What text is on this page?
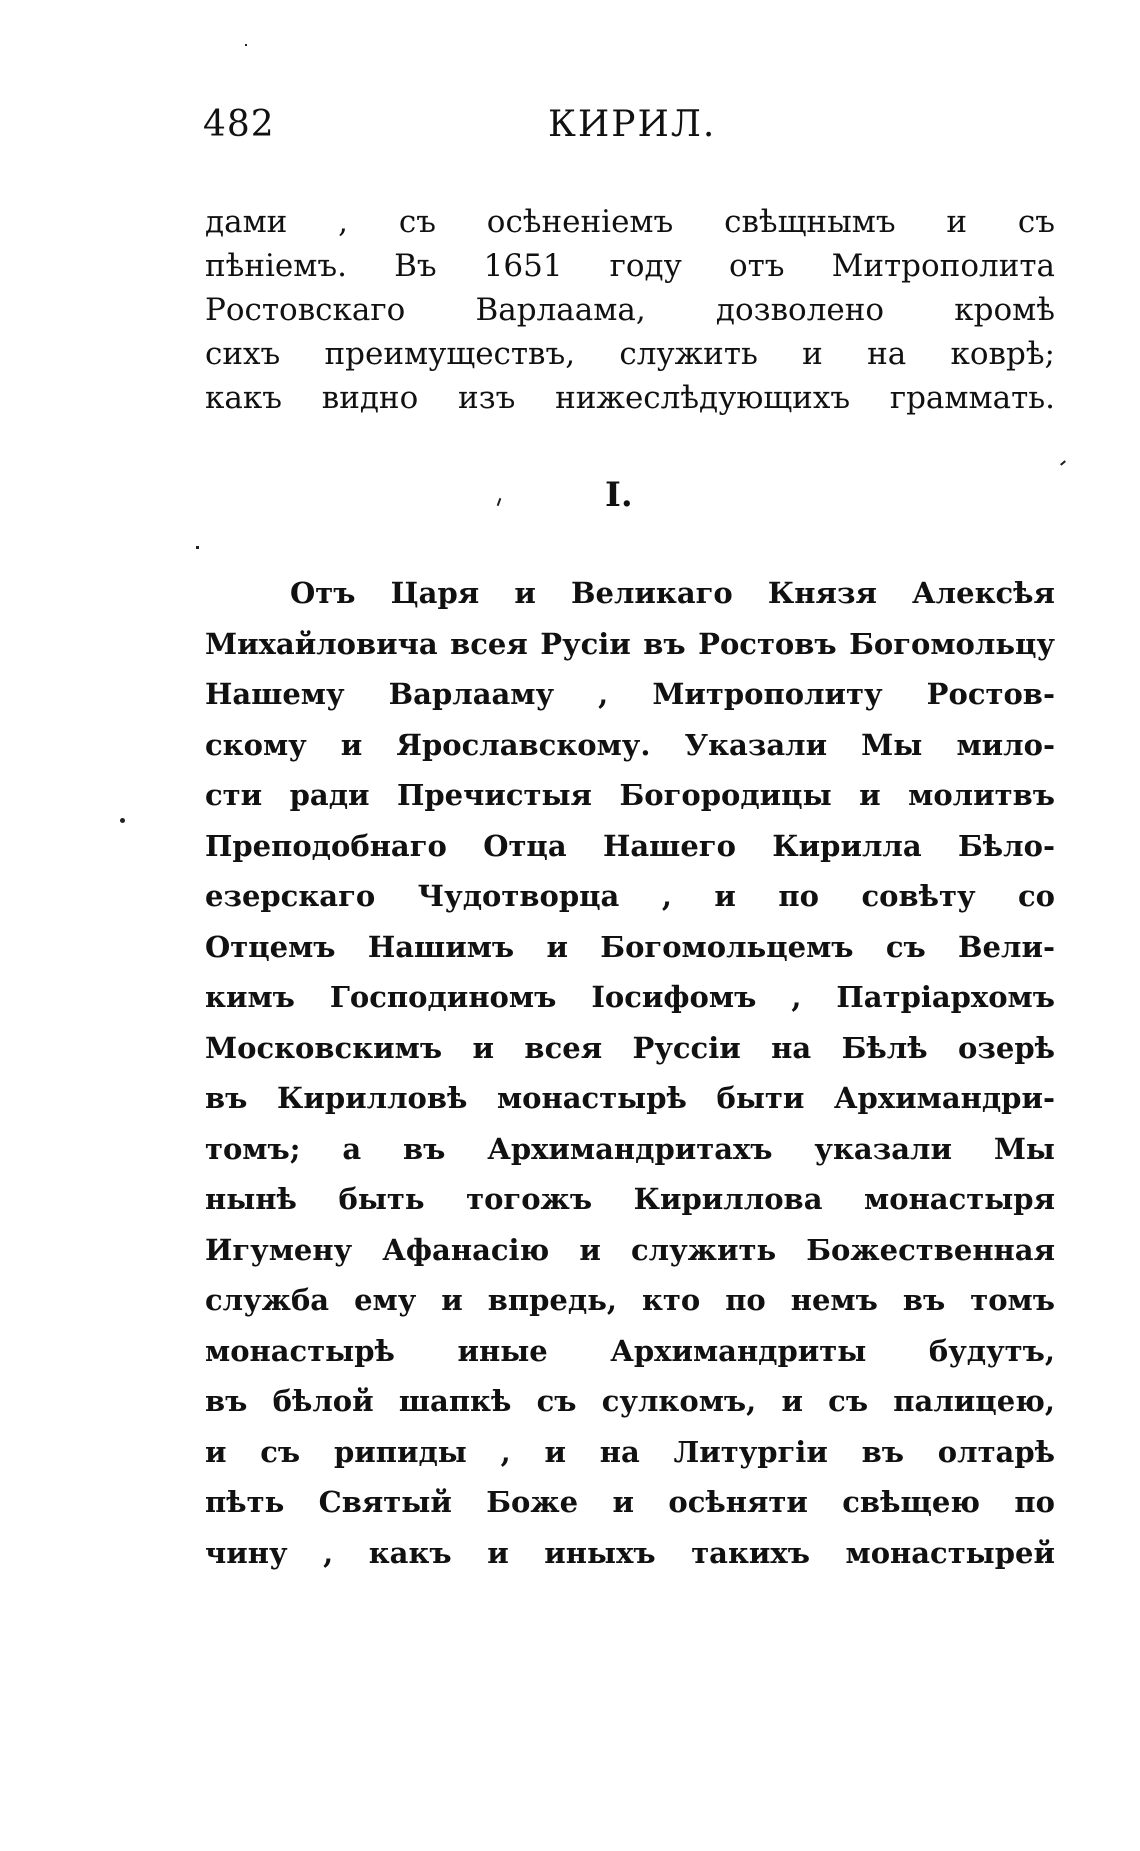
482	КИРИЛ.
дами , съ осѣненіемъ свѣщнымъ и съ
пѣніемъ. Въ 1651 году отъ Митрополита
Ростовскаго Варлаама, дозволено кромѣ
сихъ преимуществъ, служить и на коврѣ;
какъ видно изъ нижеслѣдующихъ граммать.
I.
Отъ Царя и Великаго Князя Алексѣя
Михайловича всея Русіи въ Ростовъ Богомольцу
Нашему Варлааму , Митрополиту Ростов-
скому и Ярославскому. Указали Мы мило-
сти ради Пречистыя Богородицы и молитвъ
Преподобнаго Отца Нашего Кирилла Бѣло-
езерскаго Чудотворца , и по совѣту со
Отцемъ Нашимъ и Богомольцемъ съ Вели-
кимъ Господиномъ Іосифомъ , Патріархомъ
Московскимъ и всея Руссіи на Бѣлѣ озерѣ
въ Кирилловѣ монастырѣ быти Архимандри-
томъ; а въ Архимандритахъ указали Мы
нынѣ быть тогожъ Кириллова монастыря
Игумену Афанасію и служить Божественная
служба ему и впредь, кто по немъ въ томъ
монастырѣ иные Архимандриты будутъ,
въ бѣлой шапкѣ съ сулкомъ, и съ палицею,
и съ рипиды , и на Литургіи въ олтарѣ
пѣть Святый Боже и осѣняти свѣщею по
чину , какъ и иныхъ такихъ монастырей
